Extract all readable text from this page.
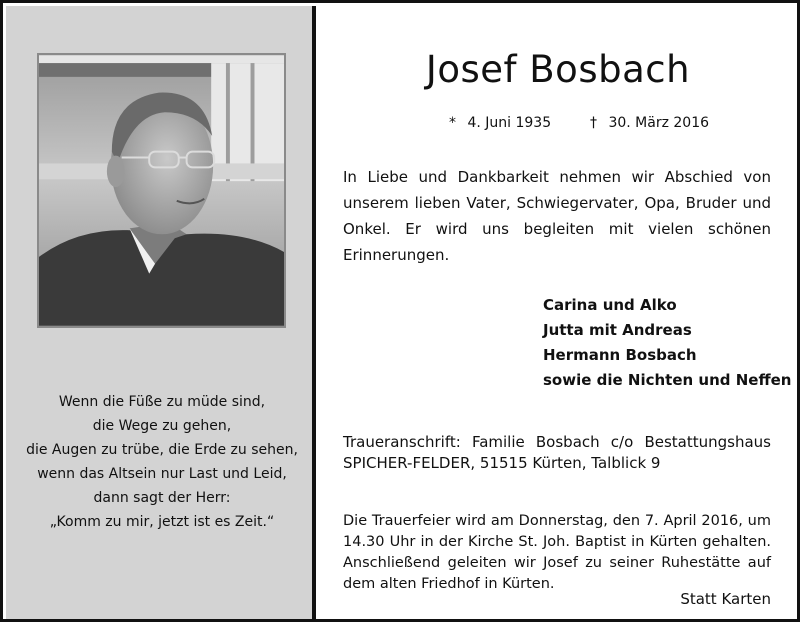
Wenn die Füße zu müde sind,
die Wege zu gehen,
die Augen zu trübe, die Erde zu sehen,
wenn das Altsein nur Last und Leid,
dann sagt der Herr:
„Komm zu mir, jetzt ist es Zeit.“
Josef Bosbach
* 4. Juni 1935	† 30. März 2016
In Liebe und Dankbarkeit nehmen wir Abschied von unserem lieben Vater, Schwiegervater, Opa, Bruder und Onkel. Er wird uns begleiten mit vielen schönen Erinnerungen.
Carina und Alko
Jutta mit Andreas
Hermann Bosbach
sowie die Nichten und Neffen
Traueranschrift: Familie Bosbach c/o Bestattungshaus SPICHER-FELDER, 51515 Kürten, Talblick 9
Die Trauerfeier wird am Donnerstag, den 7. April 2016, um 14.30 Uhr in der Kirche St. Joh. Baptist in Kürten gehalten. Anschließend geleiten wir Josef zu seiner Ruhestätte auf dem alten Friedhof in Kürten.
Statt Karten
